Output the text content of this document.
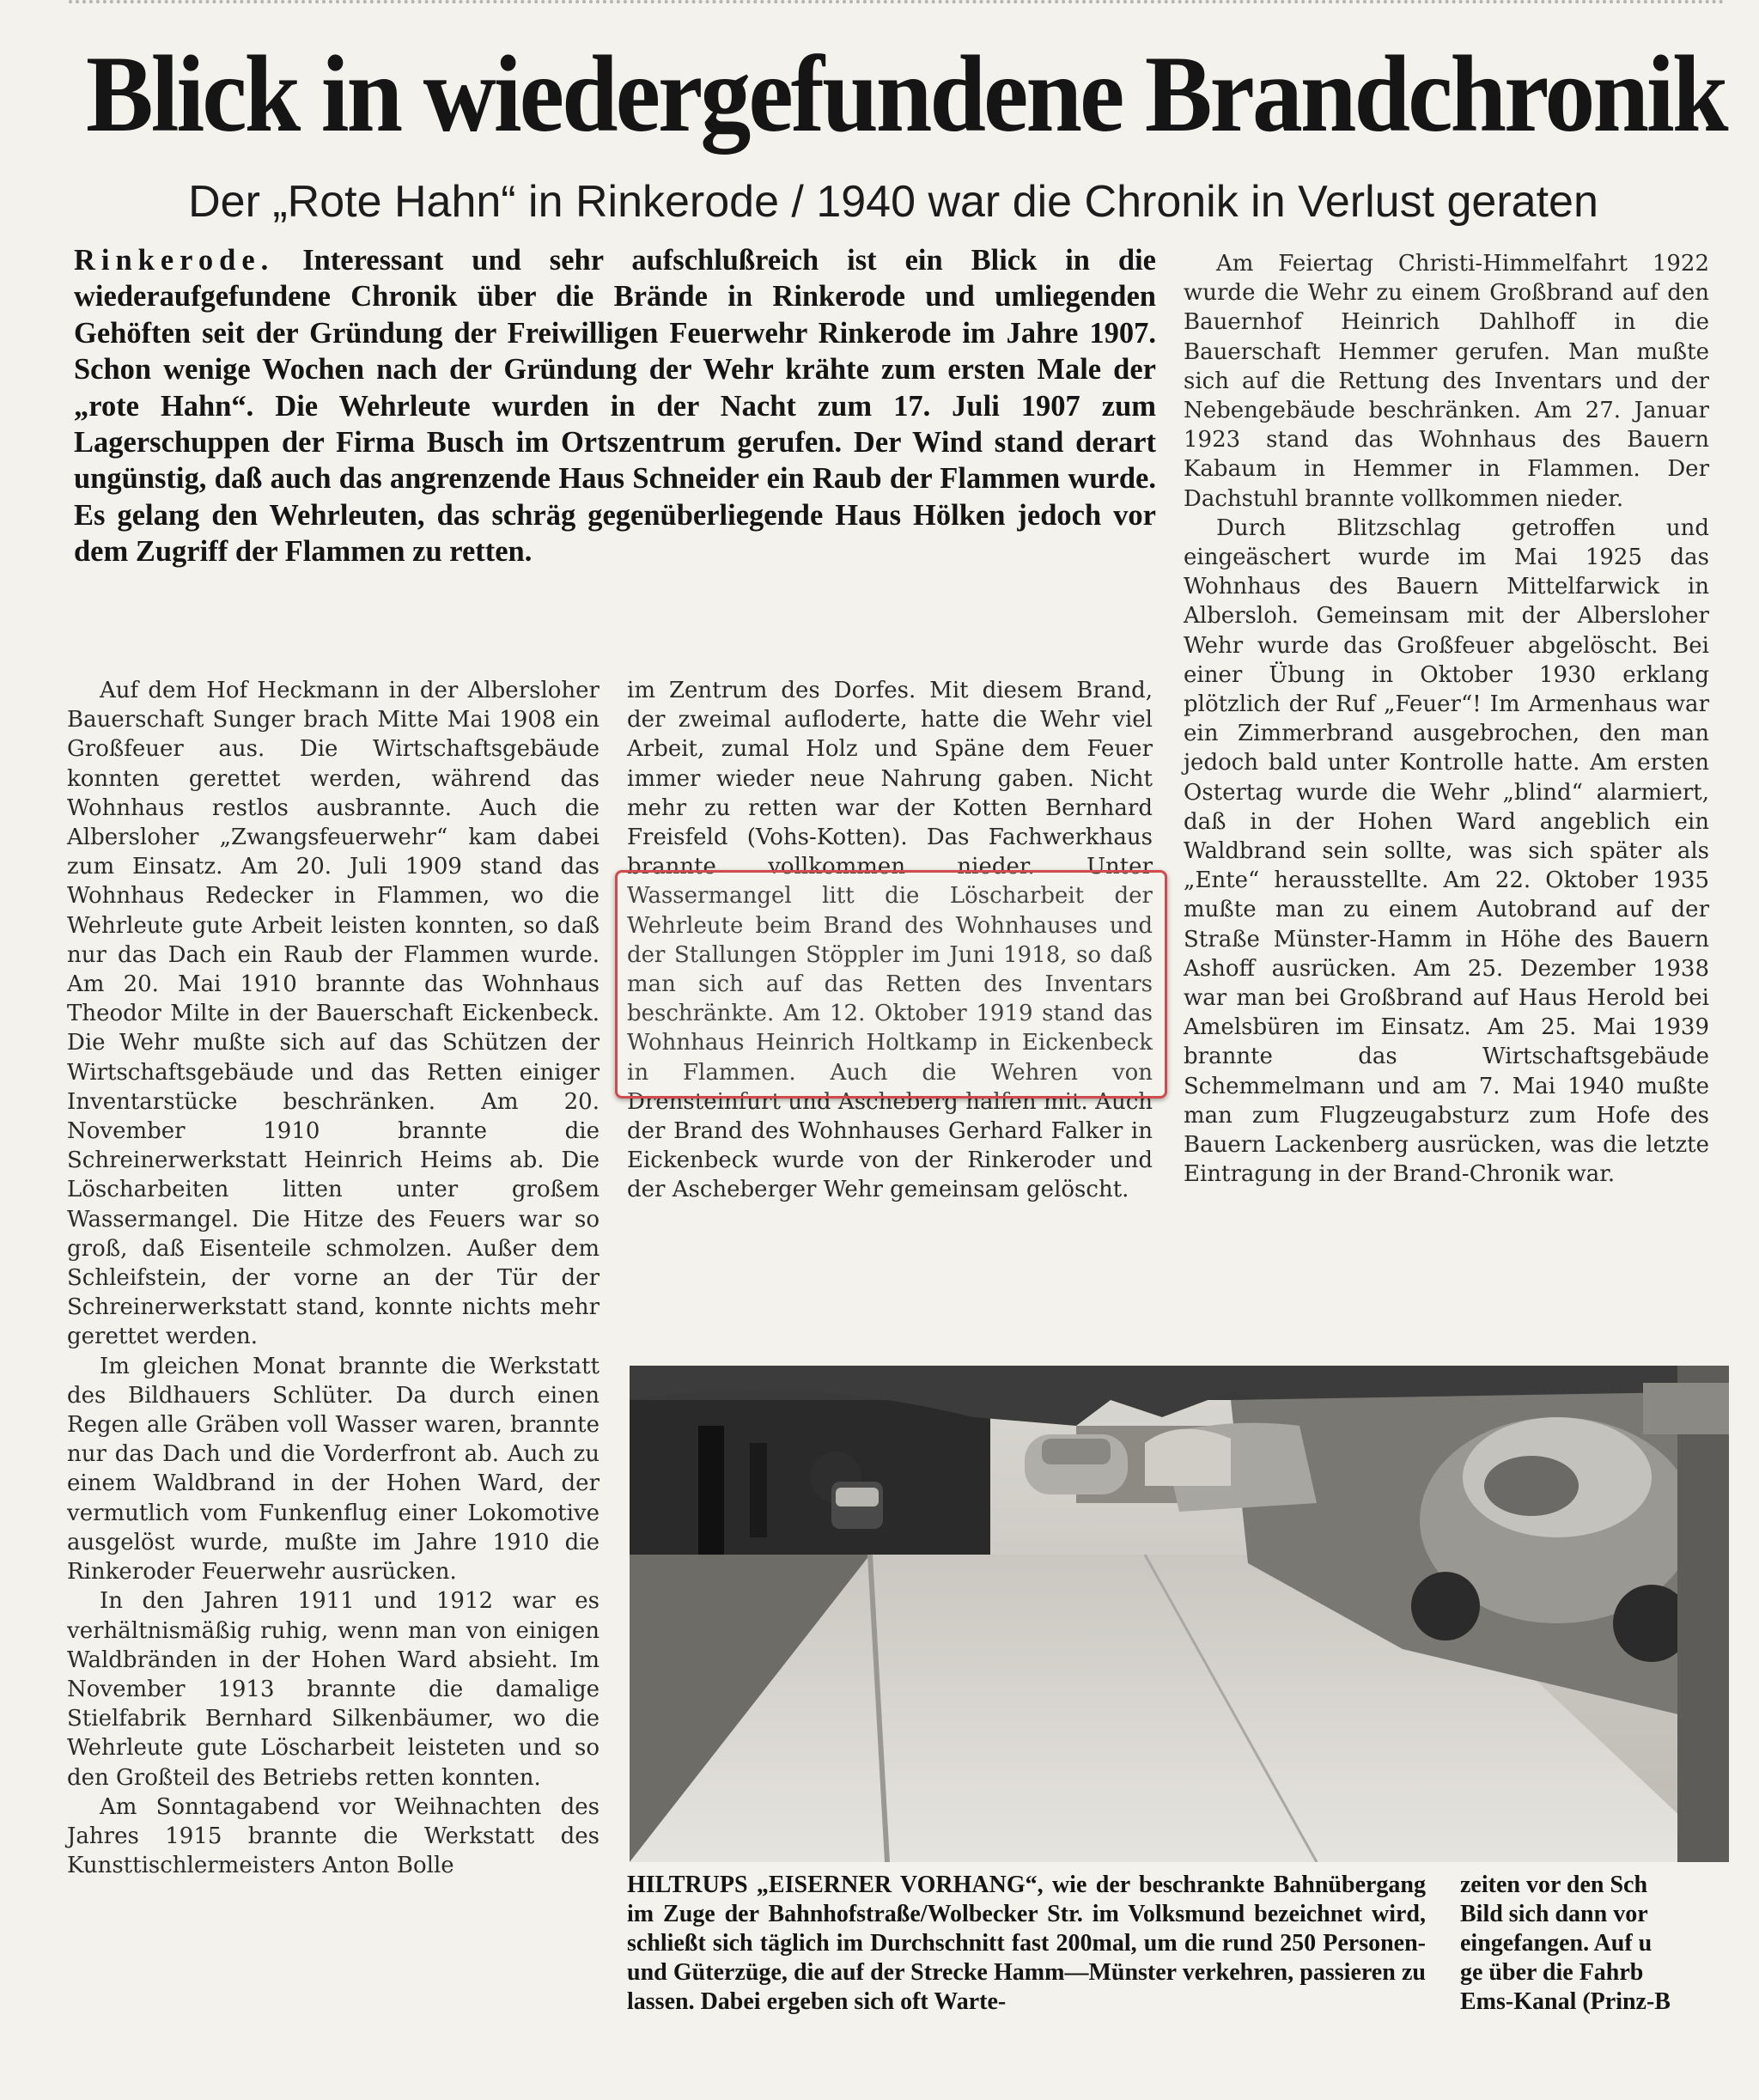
Blick in wiedergefundene Brandchronik
Der „Rote Hahn“ in Rinkerode / 1940 war die Chronik in Verlust geraten
Rinkerode. Interessant und sehr aufschlußreich ist ein Blick in die wiederaufgefundene Chronik über die Brände in Rinkerode und umliegenden Gehöften seit der Gründung der Freiwilligen Feuerwehr Rinkerode im Jahre 1907. Schon wenige Wochen nach der Gründung der Wehr krähte zum ersten Male der „rote Hahn“. Die Wehrleute wurden in der Nacht zum 17. Juli 1907 zum Lagerschuppen der Firma Busch im Ortszentrum gerufen. Der Wind stand derart ungünstig, daß auch das angrenzende Haus Schneider ein Raub der Flammen wurde. Es gelang den Wehrleuten, das schräg gegenüberliegende Haus Hölken jedoch vor dem Zugriff der Flammen zu retten.

Auf dem Hof Heckmann in der Albersloher Bauerschaft Sunger brach Mitte Mai 1908 ein Großfeuer aus. Die Wirtschaftsgebäude konnten gerettet werden, während das Wohnhaus restlos ausbrannte. Auch die Albersloher „Zwangsfeuerwehr“ kam dabei zum Einsatz. Am 20. Juli 1909 stand das Wohnhaus Redecker in Flammen, wo die Wehrleute gute Arbeit leisten konnten, so daß nur das Dach ein Raub der Flammen wurde. Am 20. Mai 1910 brannte das Wohnhaus Theodor Milte in der Bauerschaft Eickenbeck. Die Wehr mußte sich auf das Schützen der Wirtschaftsgebäude und das Retten einiger Inventarstücke beschränken. Am 20. November 1910 brannte die Schreinerwerkstatt Heinrich Heims ab. Die Löscharbeiten litten unter großem Wassermangel. Die Hitze des Feuers war so groß, daß Eisenteile schmolzen. Außer dem Schleifstein, der vorne an der Tür der Schreinerwerkstatt stand, konnte nichts mehr gerettet werden.

Im gleichen Monat brannte die Werkstatt des Bildhauers Schlüter. Da durch einen Regen alle Gräben voll Wasser waren, brannte nur das Dach und die Vorderfront ab. Auch zu einem Waldbrand in der Hohen Ward, der vermutlich vom Funkenflug einer Lokomotive ausgelöst wurde, mußte im Jahre 1910 die Rinkeroder Feuerwehr ausrücken.

In den Jahren 1911 und 1912 war es verhältnismäßig ruhig, wenn man von einigen Waldbränden in der Hohen Ward absieht. Im November 1913 brannte die damalige Stielfabrik Bernhard Silkenbäumer, wo die Wehrleute gute Löscharbeit leisteten und so den Großteil des Betriebs retten konnten.

Am Sonntagabend vor Weihnachten des Jahres 1915 brannte die Werkstatt des Kunsttischlermeisters Anton Bolle

im Zentrum des Dorfes. Mit diesem Brand, der zweimal aufloderte, hatte die Wehr viel Arbeit, zumal Holz und Späne dem Feuer immer wieder neue Nahrung gaben. Nicht mehr zu retten war der Kotten Bernhard Freisfeld (Vohs-Kotten). Das Fachwerkhaus brannte vollkommen nieder. Unter Wassermangel litt die Löscharbeit der Wehrleute beim Brand des Wohnhauses und der Stallungen Stöppler im Juni 1918, so daß man sich auf das Retten des Inventars beschränkte. Am 12. Oktober 1919 stand das Wohnhaus Heinrich Holtkamp in Eickenbeck in Flammen. Auch die Wehren von Drensteinfurt und Ascheberg halfen mit. Auch der Brand des Wohnhauses Gerhard Falker in Eickenbeck wurde von der Rinkeroder und der Ascheberger Wehr gemeinsam gelöscht.

Am Feiertag Christi-Himmelfahrt 1922 wurde die Wehr zu einem Großbrand auf den Bauernhof Heinrich Dahlhoff in die Bauerschaft Hemmer gerufen. Man mußte sich auf die Rettung des Inventars und der Nebengebäude beschränken. Am 27. Januar 1923 stand das Wohnhaus des Bauern Kabaum in Hemmer in Flammen. Der Dachstuhl brannte vollkommen nieder.

Durch Blitzschlag getroffen und eingeäschert wurde im Mai 1925 das Wohnhaus des Bauern Mittelfarwick in Albersloh. Gemeinsam mit der Albersloher Wehr wurde das Großfeuer abgelöscht. Bei einer Übung in Oktober 1930 erklang plötzlich der Ruf „Feuer“! Im Armenhaus war ein Zimmerbrand ausgebrochen, den man jedoch bald unter Kontrolle hatte. Am ersten Ostertag wurde die Wehr „blind“ alarmiert, daß in der Hohen Ward angeblich ein Waldbrand sein sollte, was sich später als „Ente“ herausstellte. Am 22. Oktober 1935 mußte man zu einem Autobrand auf der Straße Münster-Hamm in Höhe des Bauern Ashoff ausrücken. Am 25. Dezember 1938 war man bei Großbrand auf Haus Herold bei Amelsbüren im Einsatz. Am 25. Mai 1939 brannte das Wirtschaftsgebäude Schemmelmann und am 7. Mai 1940 mußte man zum Flugzeugabsturz zum Hofe des Bauern Lackenberg ausrücken, was die letzte Eintragung in der Brand-Chronik war.

HILTRUPS „EISERNER VORHANG“, wie der beschrankte Bahnübergang im Zuge der Bahnhofstraße/Wolbecker Str. im Volksmund bezeichnet wird, schließt sich täglich im Durchschnitt fast 200mal, um die rund 250 Personen- und Güterzüge, die auf der Strecke Hamm—Münster verkehren, passieren zu lassen. Dabei ergeben sich oft Warte-
zeiten vor den Sch
Bild sich dann vor
eingefangen. Auf u
ge über die Fahrb
Ems-Kanal (Prinz-B
